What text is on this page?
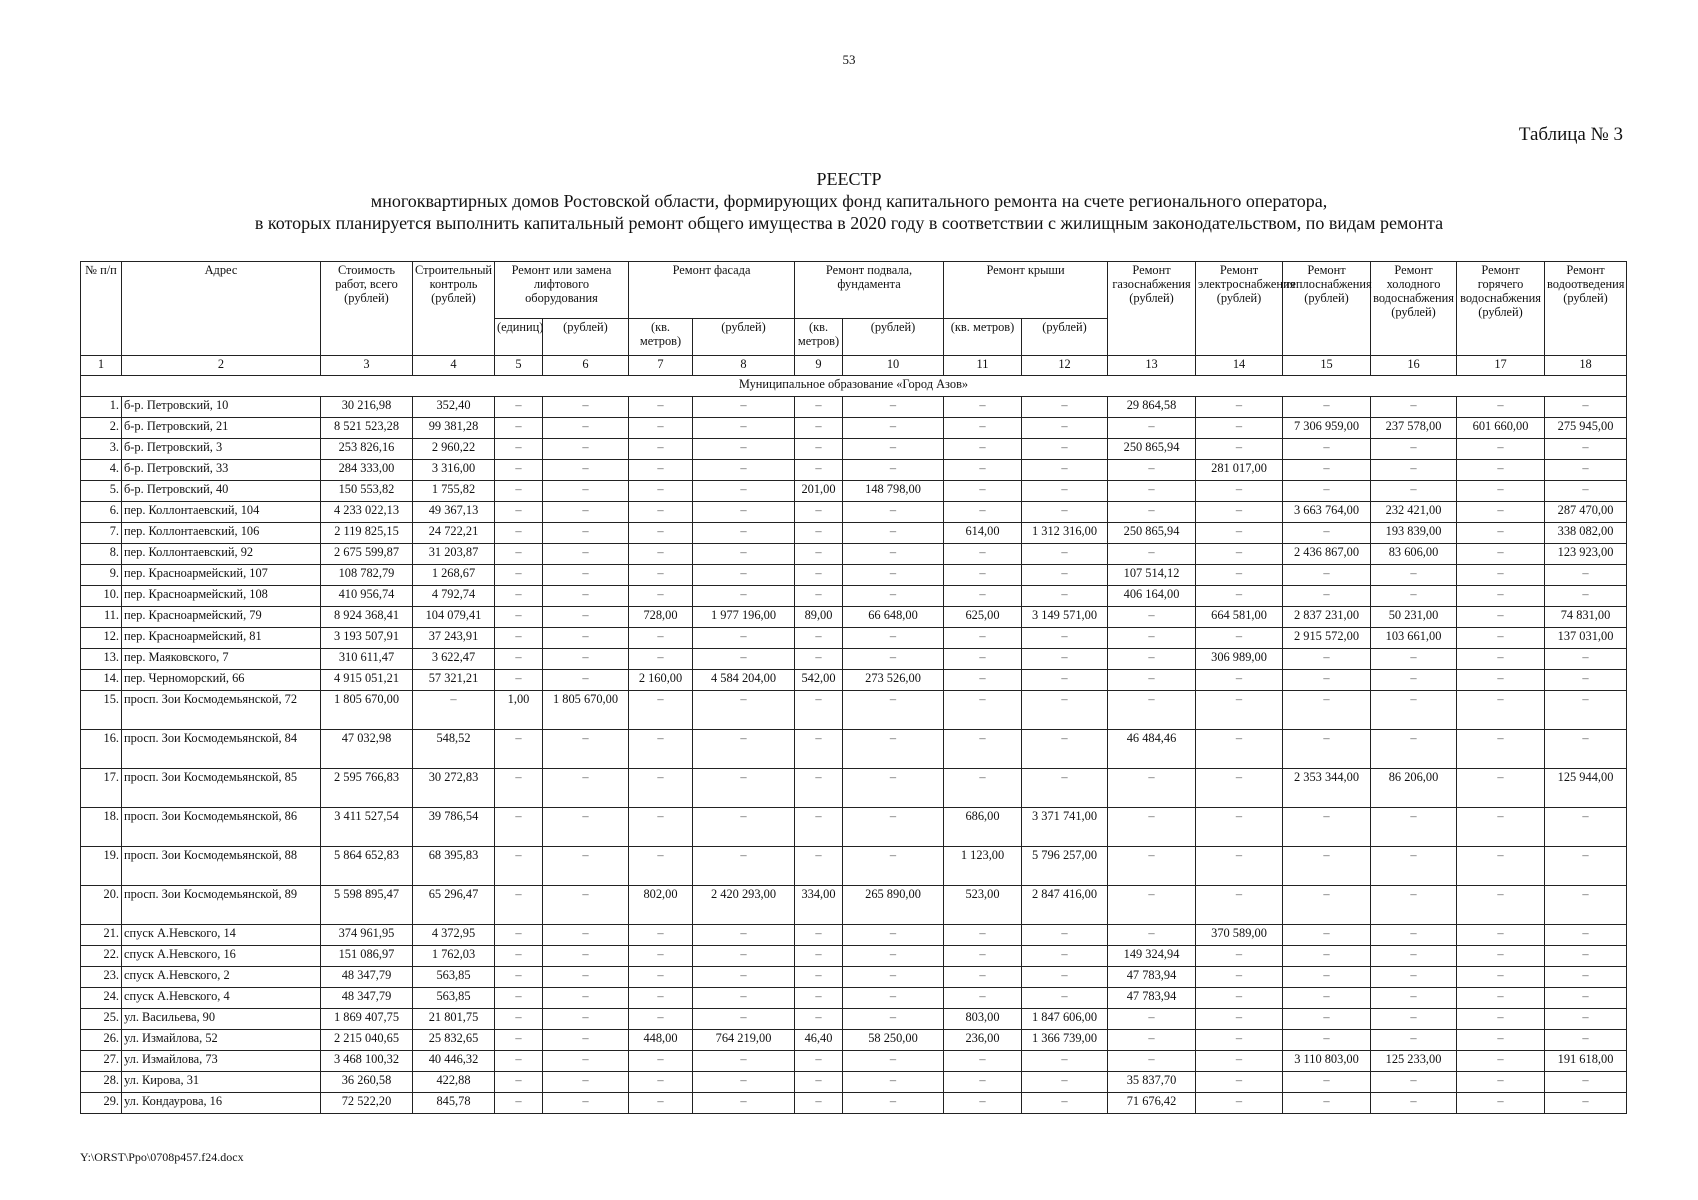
53
Таблица № 3
РЕЕСТР
многоквартирных домов Ростовской области, формирующих фонд капитального ремонта на счете регионального оператора,
в которых планируется выполнить капитальный ремонт общего имущества в 2020 году в соответствии с жилищным законодательством, по видам ремонта
№ п/п	Адрес	Стоимость работ, всего (рублей)	Строительный контроль (рублей)	Ремонт или замена лифтового оборудования		Ремонт фасада		Ремонт подвала, фундамента		Ремонт крыши		Ремонт газоснабжения (рублей)	Ремонт электроснабжения (рублей)	Ремонт теплоснабжения (рублей)	Ремонт холодного водоснабжения (рублей)	Ремонт горячего водоснабжения (рублей)	Ремонт водоотведения (рублей)
				(единиц)	(рублей)	(кв. метров)	(рублей)	(кв. метров)	(рублей)	(кв. метров)	(рублей)						
1	2	3	4	5	6	7	8	9	10	11	12	13	14	15	16	17	18
Муниципальное образование «Город Азов»																	
1.	б-р. Петровский, 10	30 216,98	352,40	–	–	–	–	–	–	–	–	29 864,58	–	–	–	–	–
2.	б-р. Петровский, 21	8 521 523,28	99 381,28	–	–	–	–	–	–	–	–	–	–	7 306 959,00	237 578,00	601 660,00	275 945,00
3.	б-р. Петровский, 3	253 826,16	2 960,22	–	–	–	–	–	–	–	–	250 865,94	–	–	–	–	–
4.	б-р. Петровский, 33	284 333,00	3 316,00	–	–	–	–	–	–	–	–	–	281 017,00	–	–	–	–
5.	б-р. Петровский, 40	150 553,82	1 755,82	–	–	–	–	201,00	148 798,00	–	–	–	–	–	–	–	–
6.	пер. Коллонтаевский, 104	4 233 022,13	49 367,13	–	–	–	–	–	–	–	–	–	–	3 663 764,00	232 421,00	–	287 470,00
7.	пер. Коллонтаевский, 106	2 119 825,15	24 722,21	–	–	–	–	–	–	614,00	1 312 316,00	250 865,94	–	–	193 839,00	–	338 082,00
8.	пер. Коллонтаевский, 92	2 675 599,87	31 203,87	–	–	–	–	–	–	–	–	–	–	2 436 867,00	83 606,00	–	123 923,00
9.	пер. Красноармейский, 107	108 782,79	1 268,67	–	–	–	–	–	–	–	–	107 514,12	–	–	–	–	–
10.	пер. Красноармейский, 108	410 956,74	4 792,74	–	–	–	–	–	–	–	–	406 164,00	–	–	–	–	–
11.	пер. Красноармейский, 79	8 924 368,41	104 079,41	–	–	728,00	1 977 196,00	89,00	66 648,00	625,00	3 149 571,00	–	664 581,00	2 837 231,00	50 231,00	–	74 831,00
12.	пер. Красноармейский, 81	3 193 507,91	37 243,91	–	–	–	–	–	–	–	–	–	–	2 915 572,00	103 661,00	–	137 031,00
13.	пер. Маяковского, 7	310 611,47	3 622,47	–	–	–	–	–	–	–	–	–	306 989,00	–	–	–	–
14.	пер. Черноморский, 66	4 915 051,21	57 321,21	–	–	2 160,00	4 584 204,00	542,00	273 526,00	–	–	–	–	–	–	–	–
15.	просп. Зои Космодемьянской, 72	1 805 670,00	–	1,00	1 805 670,00	–	–	–	–	–	–	–	–	–	–	–	–
16.	просп. Зои Космодемьянской, 84	47 032,98	548,52	–	–	–	–	–	–	–	–	46 484,46	–	–	–	–	–
17.	просп. Зои Космодемьянской, 85	2 595 766,83	30 272,83	–	–	–	–	–	–	–	–	–	–	2 353 344,00	86 206,00	–	125 944,00
18.	просп. Зои Космодемьянской, 86	3 411 527,54	39 786,54	–	–	–	–	–	–	686,00	3 371 741,00	–	–	–	–	–	–
19.	просп. Зои Космодемьянской, 88	5 864 652,83	68 395,83	–	–	–	–	–	–	1 123,00	5 796 257,00	–	–	–	–	–	–
20.	просп. Зои Космодемьянской, 89	5 598 895,47	65 296,47	–	–	802,00	2 420 293,00	334,00	265 890,00	523,00	2 847 416,00	–	–	–	–	–	–
21.	спуск А.Невского, 14	374 961,95	4 372,95	–	–	–	–	–	–	–	–	–	370 589,00	–	–	–	–
22.	спуск А.Невского, 16	151 086,97	1 762,03	–	–	–	–	–	–	–	–	149 324,94	–	–	–	–	–
23.	спуск А.Невского, 2	48 347,79	563,85	–	–	–	–	–	–	–	–	47 783,94	–	–	–	–	–
24.	спуск А.Невского, 4	48 347,79	563,85	–	–	–	–	–	–	–	–	47 783,94	–	–	–	–	–
25.	ул. Васильева, 90	1 869 407,75	21 801,75	–	–	–	–	–	–	803,00	1 847 606,00	–	–	–	–	–	–
26.	ул. Измайлова, 52	2 215 040,65	25 832,65	–	–	448,00	764 219,00	46,40	58 250,00	236,00	1 366 739,00	–	–	–	–	–	–
27.	ул. Измайлова, 73	3 468 100,32	40 446,32	–	–	–	–	–	–	–	–	–	–	3 110 803,00	125 233,00	–	191 618,00
28.	ул. Кирова, 31	36 260,58	422,88	–	–	–	–	–	–	–	–	35 837,70	–	–	–	–	–
29.	ул. Кондаурова, 16	72 522,20	845,78	–	–	–	–	–	–	–	–	71 676,42	–	–	–	–	–
Y:\ORST\Ppo\0708p457.f24.docx
